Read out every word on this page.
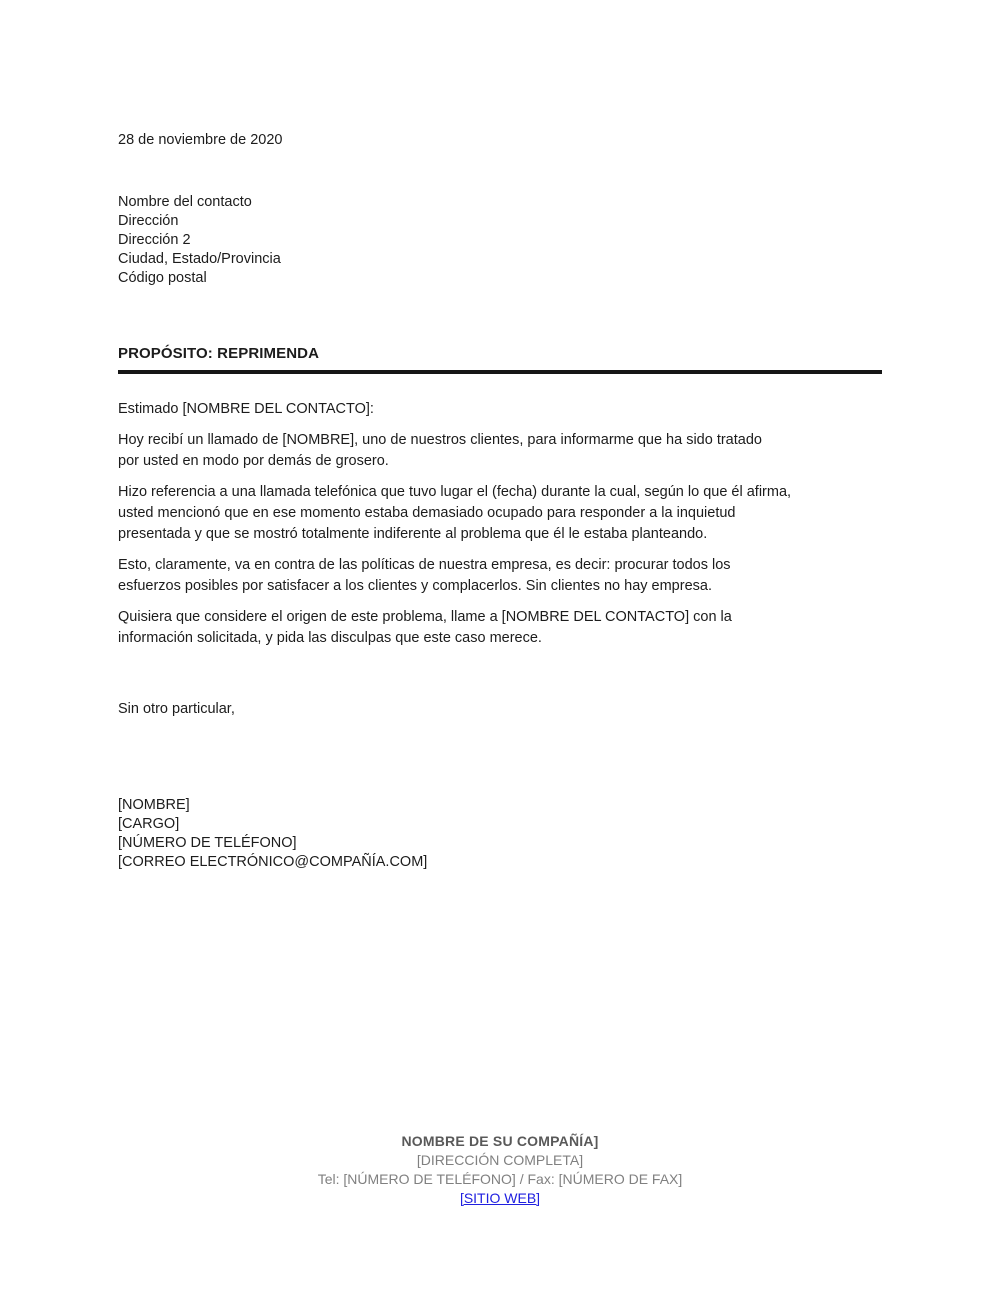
28 de noviembre de 2020
Nombre del contacto
Dirección
Dirección 2
Ciudad, Estado/Provincia
Código postal
PROPÓSITO: REPRIMENDA
Estimado [NOMBRE DEL CONTACTO]:
Hoy recibí un llamado de [NOMBRE], uno de nuestros clientes, para informarme que ha sido tratado
por usted en modo por demás de grosero.
Hizo referencia a una llamada telefónica que tuvo lugar el (fecha) durante la cual, según lo que él afirma,
usted mencionó que en ese momento estaba demasiado ocupado para responder a la inquietud
presentada y que se mostró totalmente indiferente al problema que él le estaba planteando.
Esto, claramente, va en contra de las políticas de nuestra empresa, es decir: procurar todos los
esfuerzos posibles por satisfacer a los clientes y complacerlos. Sin clientes no hay empresa.
Quisiera que considere el origen de este problema, llame a [NOMBRE DEL CONTACTO] con la
información solicitada, y pida las disculpas que este caso merece.
Sin otro particular,
[NOMBRE]
[CARGO]
[NÚMERO DE TELÉFONO]
[CORREO ELECTRÓNICO@COMPAÑÍA.COM]
NOMBRE DE SU COMPAÑÍA]
[DIRECCIÓN COMPLETA]
Tel: [NÚMERO DE TELÉFONO] / Fax: [NÚMERO DE FAX]
[SITIO WEB]
